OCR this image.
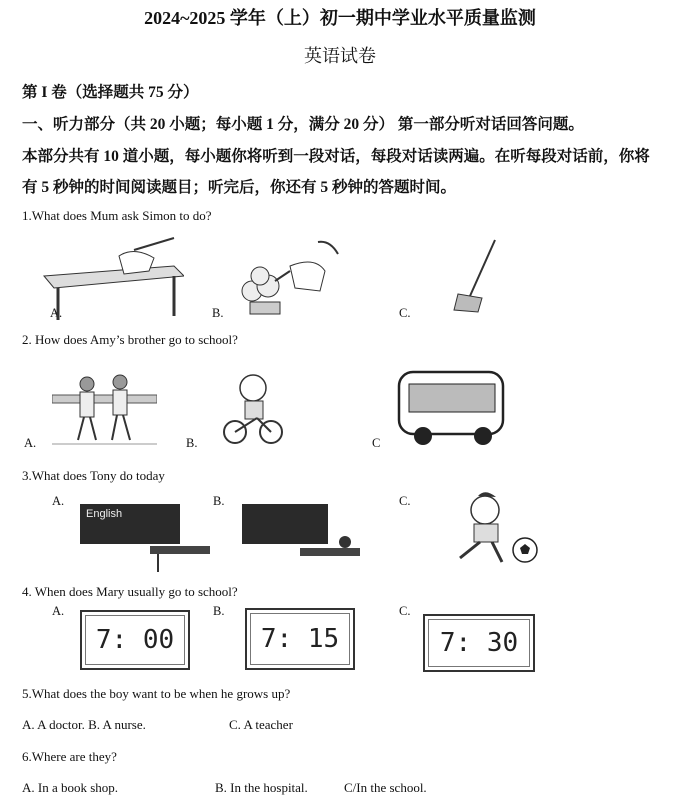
2024~2025 学年（上）初一期中学业水平质量监测
英语试卷
第 I 卷（选择题共 75 分）
一、听力部分（共 20 小题；每小题 1 分，满分 20 分） 第一部分听对话回答问题。
本部分共有 10 道小题，每小题你将听到一段对话，每段对话读两遍。在听每段对话前，你将
有 5 秒钟的时间阅读题目；听完后，你还有 5 秒钟的答题时间。
1.What does Mum ask Simon to do?
A.	B.	C.
2. How does Amy’s brother go to school?
A.	B.	C
3.What does Tony do today
A.	B.	C.
English
4. When does Mary usually go to school?
A.	B.	C.
7: 00	7: 15	7: 30
5.What does the boy want to be when he grows up?
A. A doctor. B. A nurse.	C. A teacher
6.Where are they?
A. In a book shop.	B. In the hospital.	C/In the school.
